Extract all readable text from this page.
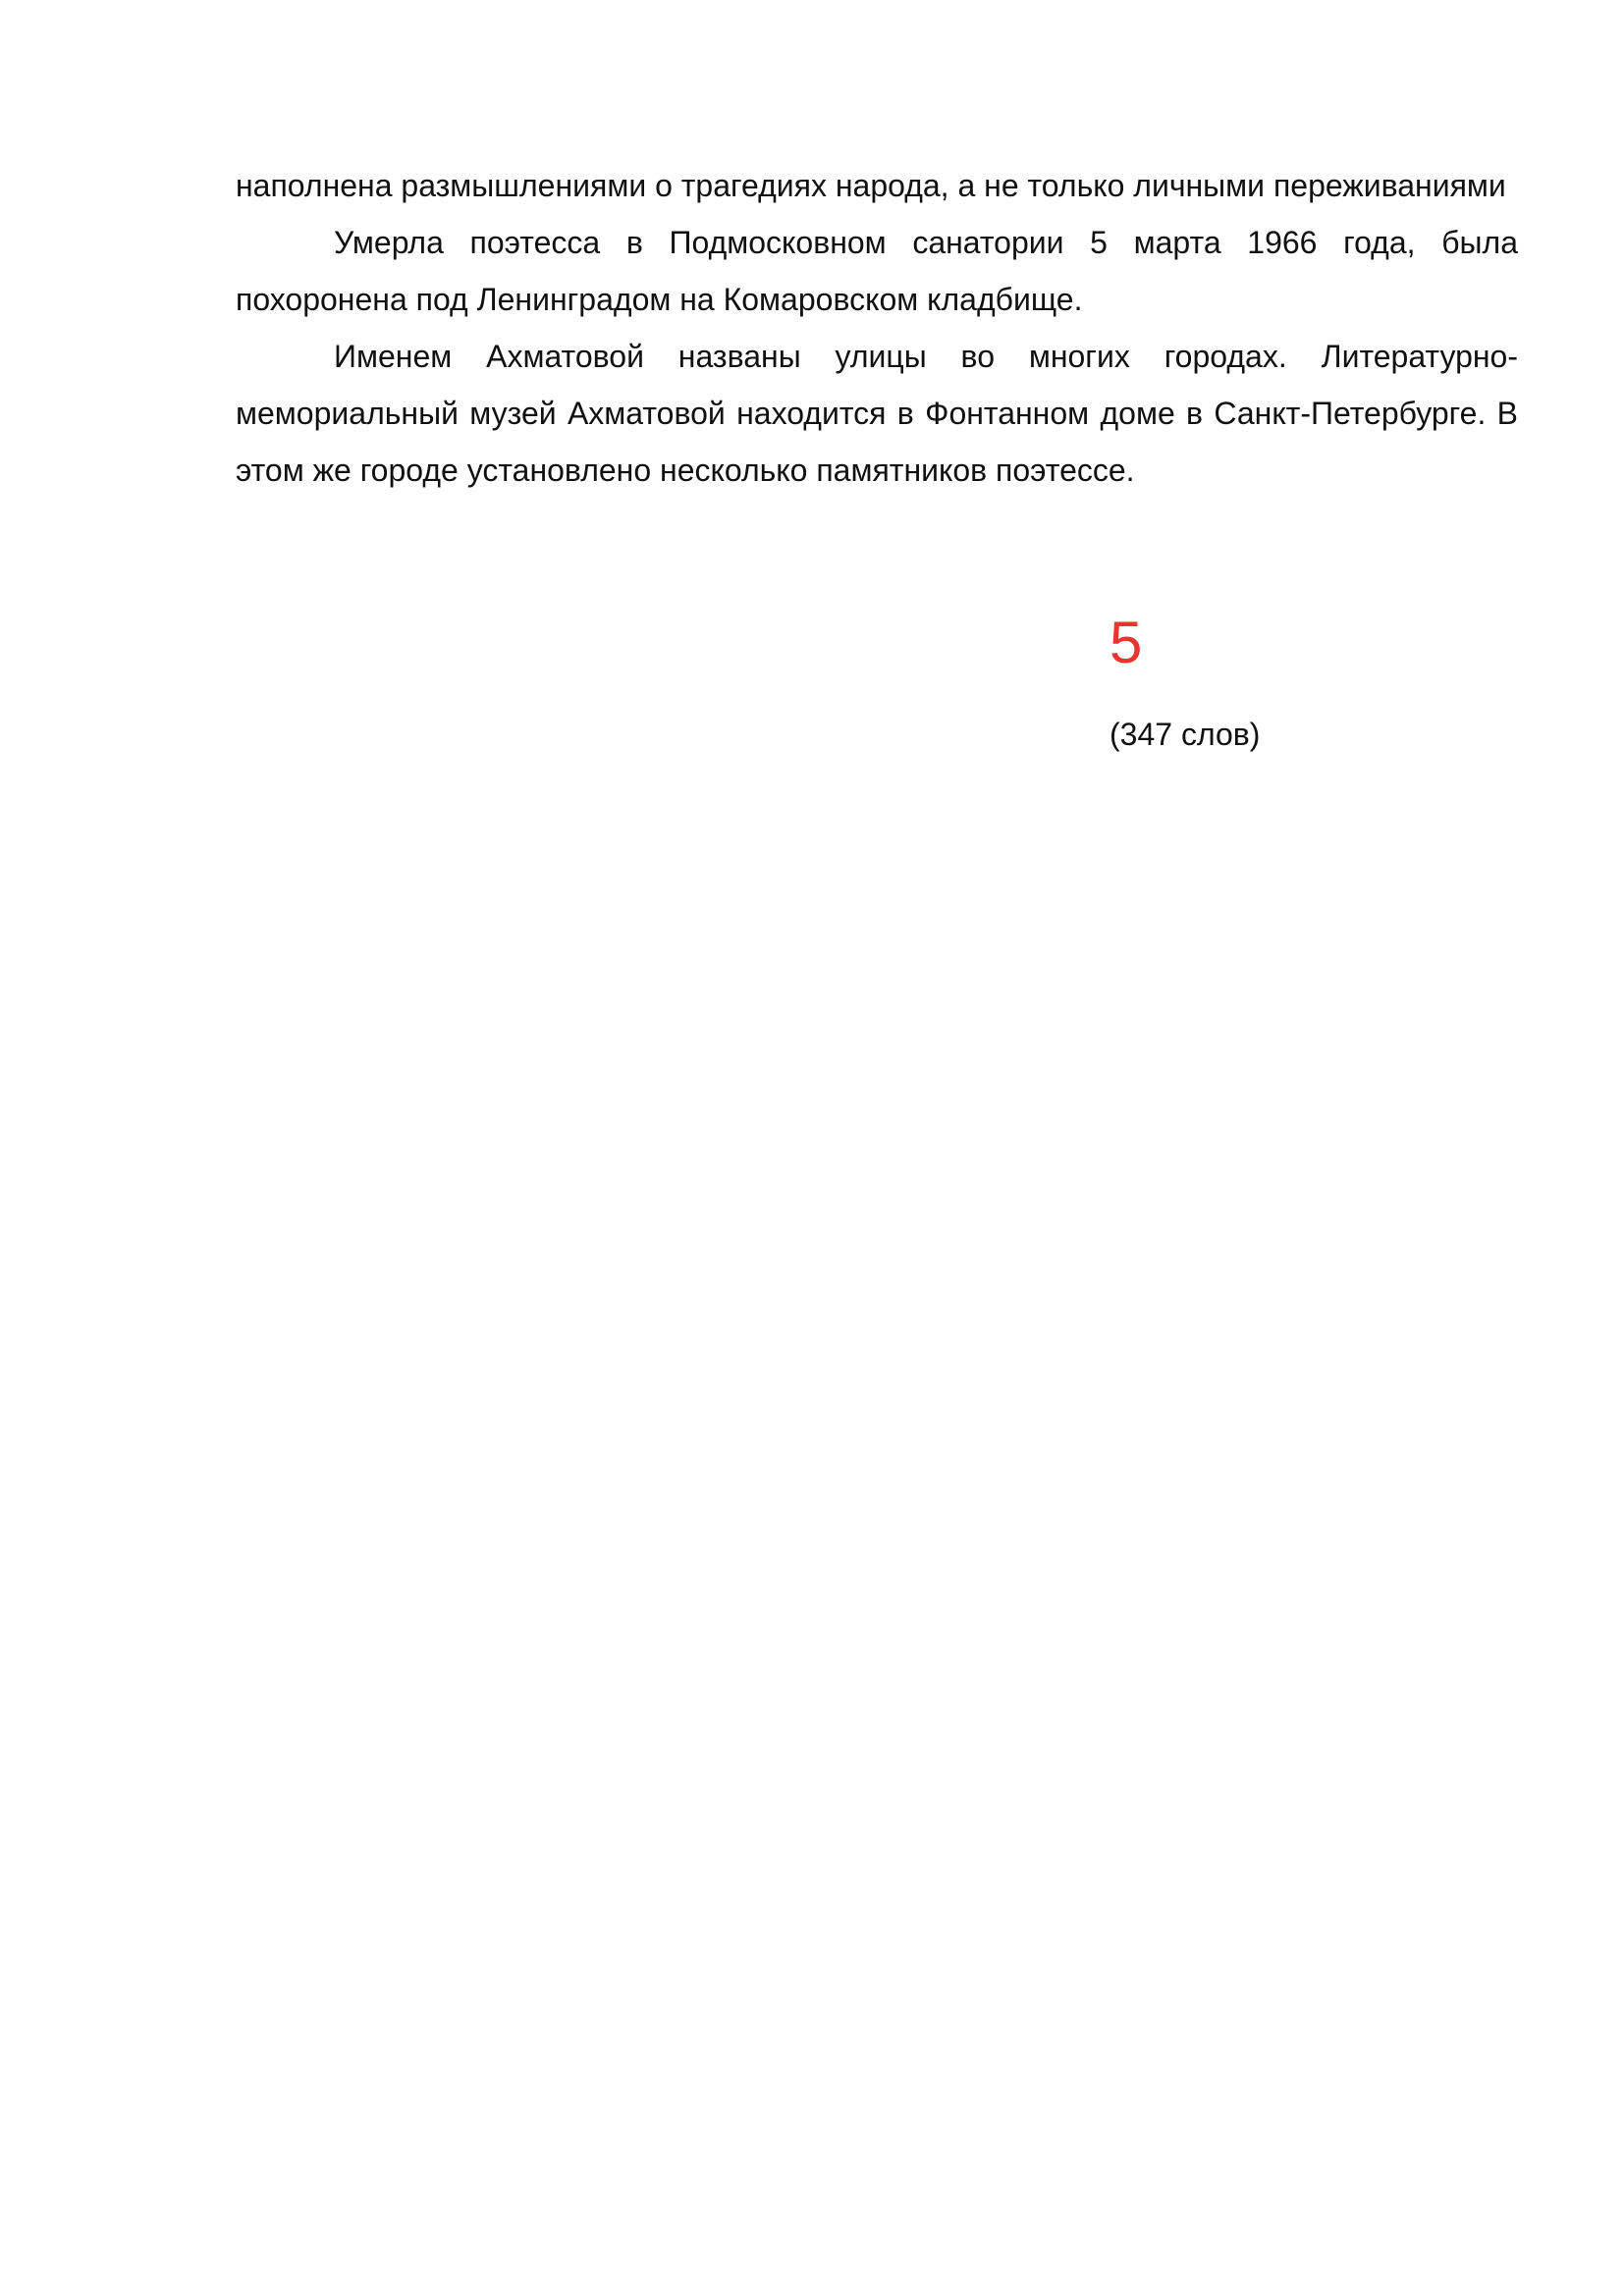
наполнена размышлениями о трагедиях народа, а не только личными переживаниями

Умерла поэтесса в Подмосковном санатории 5 марта 1966 года, была похоронена под Ленинградом на Комаровском кладбище.

Именем Ахматовой названы улицы во многих городах. Литературно-мемориальный музей Ахматовой находится в Фонтанном доме в Санкт-Петербурге. В этом же городе установлено несколько памятников поэтессе.

5
(347 слов)
